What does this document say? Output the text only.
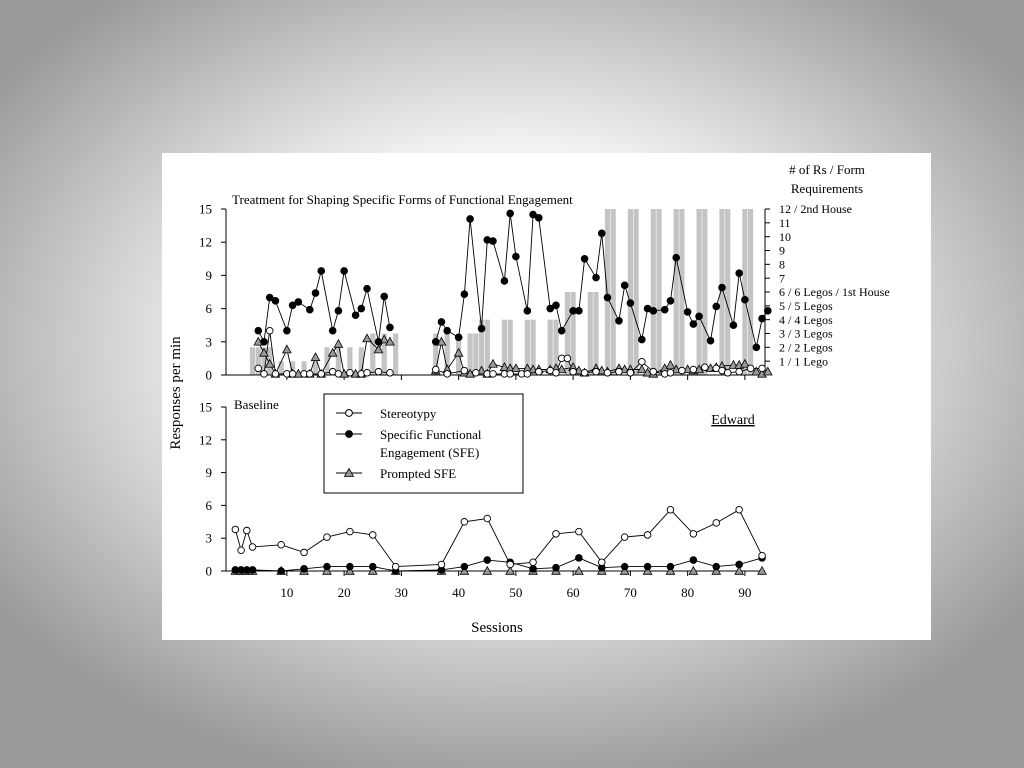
0
3
6
9
12
15
1 / 1 Lego
2 / 2 Legos
3 / 3 Legos
4 / 4 Legos
5 / 5 Legos
6 / 6 Legos / 1st House
7
8
9
10
11
12 / 2nd House
Treatment for Shaping Specific Forms of Functional Engagement
# of Rs / Form
Requirements
0
3
6
9
12
15
10	20	30	40	50	60	70	80	90
Baseline
Edward
Responses per min
Sessions
Stereotypy
Specific Functional
Engagement (SFE)
Prompted SFE
